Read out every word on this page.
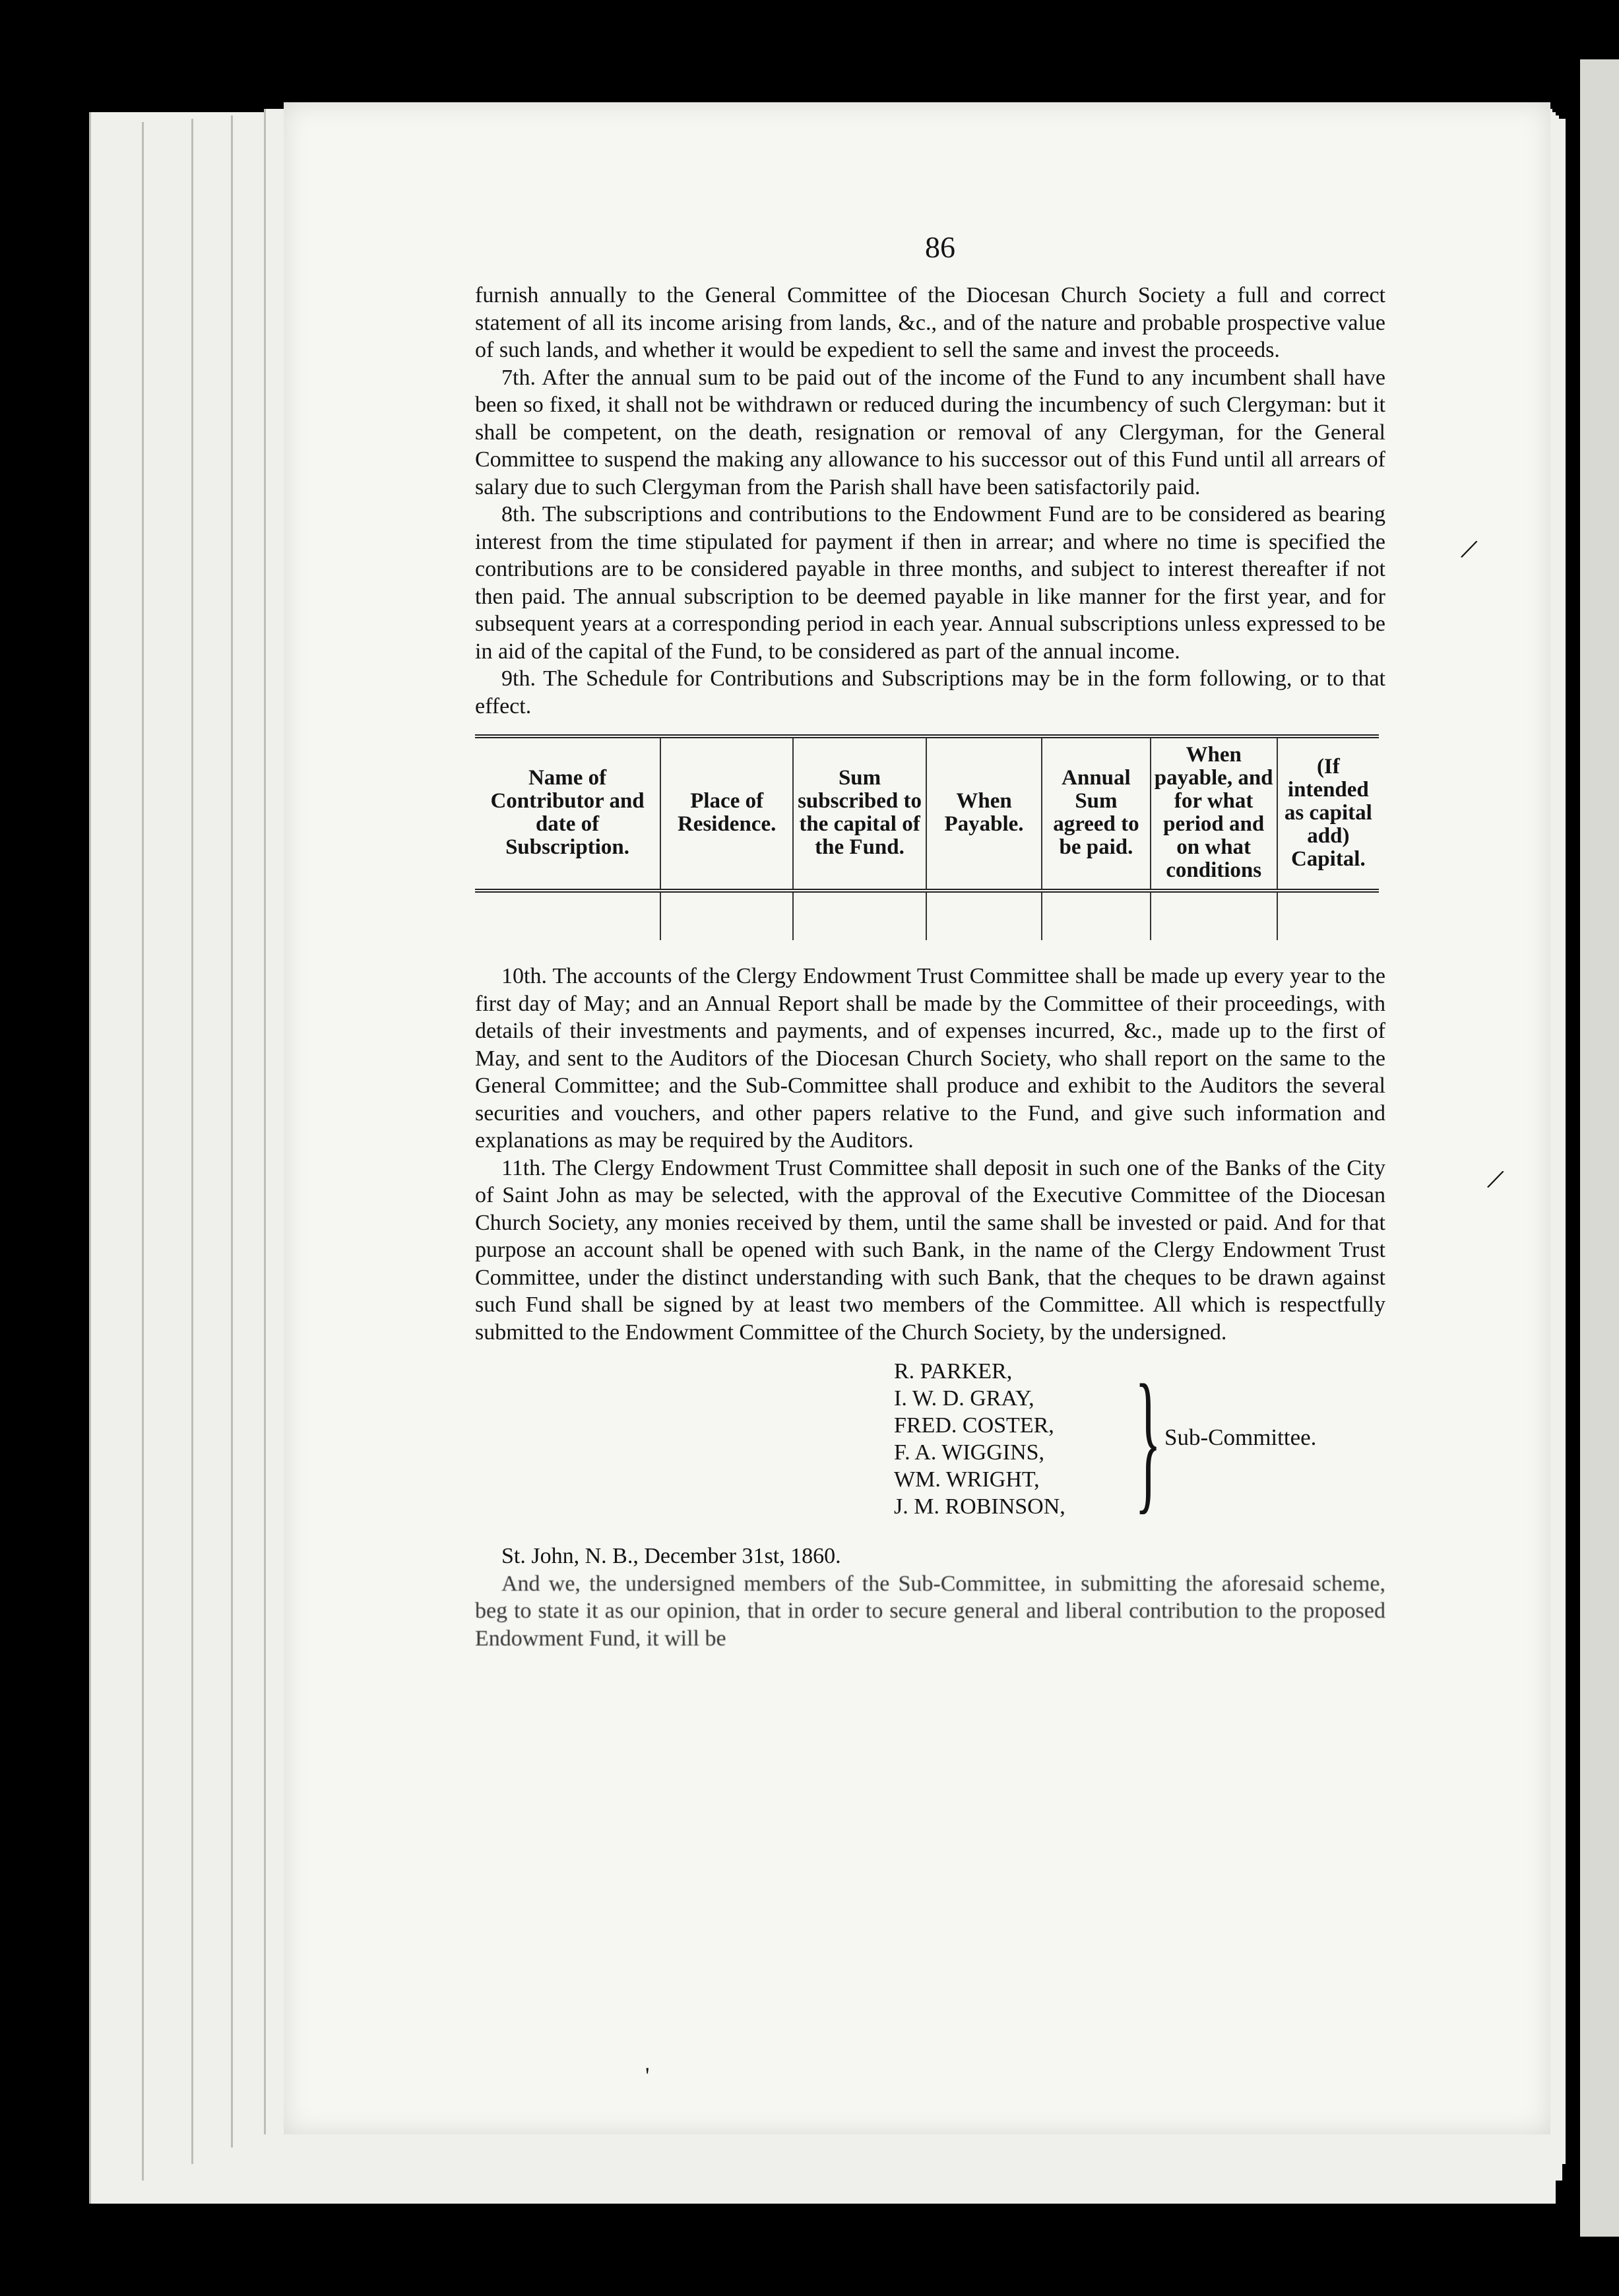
86

furnish annually to the General Committee of the Diocesan Church Society a full and correct statement of all its income arising from lands, &c., and of the nature and probable prospective value of such lands, and whether it would be expedient to sell the same and invest the proceeds.

7th. After the annual sum to be paid out of the income of the Fund to any incumbent shall have been so fixed, it shall not be withdrawn or reduced during the incumbency of such Clergyman: but it shall be competent, on the death, resignation or removal of any Clergyman, for the General Committee to suspend the making any allowance to his successor out of this Fund until all arrears of salary due to such Clergyman from the Parish shall have been satisfactorily paid.

8th. The subscriptions and contributions to the Endowment Fund are to be considered as bearing interest from the time stipulated for payment if then in arrear; and where no time is specified the contributions are to be considered payable in three months, and subject to interest thereafter if not then paid. The annual subscription to be deemed payable in like manner for the first year, and for subsequent years at a corresponding period in each year. Annual subscriptions unless expressed to be in aid of the capital of the Fund, to be considered as part of the annual income.

9th. The Schedule for Contributions and Subscriptions may be in the form following, or to that effect.

Name of Contributor and date of Subscription.	Place of Residence.	Sum subscribed to the capital of the Fund.	When Payable.	Annual Sum agreed to be paid.	When payable, and for what period and on what conditions	(If intended as capital add) Capital.

10th. The accounts of the Clergy Endowment Trust Committee shall be made up every year to the first day of May; and an Annual Report shall be made by the Committee of their proceedings, with details of their investments and payments, and of expenses incurred, &c., made up to the first of May, and sent to the Auditors of the Diocesan Church Society, who shall report on the same to the General Committee; and the Sub-Committee shall produce and exhibit to the Auditors the several securities and vouchers, and other papers relative to the Fund, and give such information and explanations as may be required by the Auditors.

11th. The Clergy Endowment Trust Committee shall deposit in such one of the Banks of the City of Saint John as may be selected, with the approval of the Executive Committee of the Diocesan Church Society, any monies received by them, until the same shall be invested or paid. And for that purpose an account shall be opened with such Bank, in the name of the Clergy Endowment Trust Committee, under the distinct understanding with such Bank, that the cheques to be drawn against such Fund shall be signed by at least two members of the Committee. All which is respectfully submitted to the Endowment Committee of the Church Society, by the undersigned.

R. PARKER,
I. W. D. GRAY,
FRED. COSTER,
F. A. WIGGINS,
WM. WRIGHT,
J. M. ROBINSON, } Sub-Committee.

St. John, N. B., December 31st, 1860.

And we, the undersigned members of the Sub-Committee, in submitting the aforesaid scheme, beg to state it as our opinion, that in order to secure general and liberal contribution to the proposed Endowment Fund, it will be

/
/
'
